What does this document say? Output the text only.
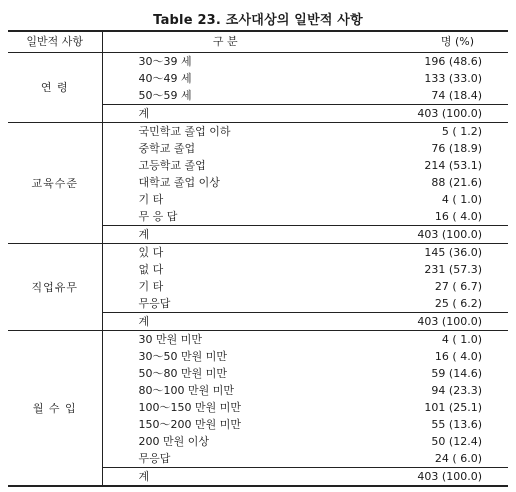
Table 23. 조사대상의 일반적 사항
일반적 사항	구 분	명 (%)
연 령	30～39 세	196 (48.6)
	40～49 세	133 (33.0)
	50～59 세	74 (18.4)
	계	403 (100.0)
교육수준	국민학교 졸업 이하	5 ( 1.2)
	중학교 졸업	76 (18.9)
	고등학교 졸업	214 (53.1)
	대학교 졸업 이상	88 (21.6)
	기 타	4 ( 1.0)
	무 응 답	16 ( 4.0)
	계	403 (100.0)
직업유무	있 다	145 (36.0)
	없 다	231 (57.3)
	기 타	27 ( 6.7)
	무응답	25 ( 6.2)
	계	403 (100.0)
월 수 입	30 만원 미만	4 ( 1.0)
	30～50 만원 미만	16 ( 4.0)
	50～80 만원 미만	59 (14.6)
	80～100 만원 미만	94 (23.3)
	100～150 만원 미만	101 (25.1)
	150～200 만원 미만	55 (13.6)
	200 만원 이상	50 (12.4)
	무응답	24 ( 6.0)
	계	403 (100.0)
